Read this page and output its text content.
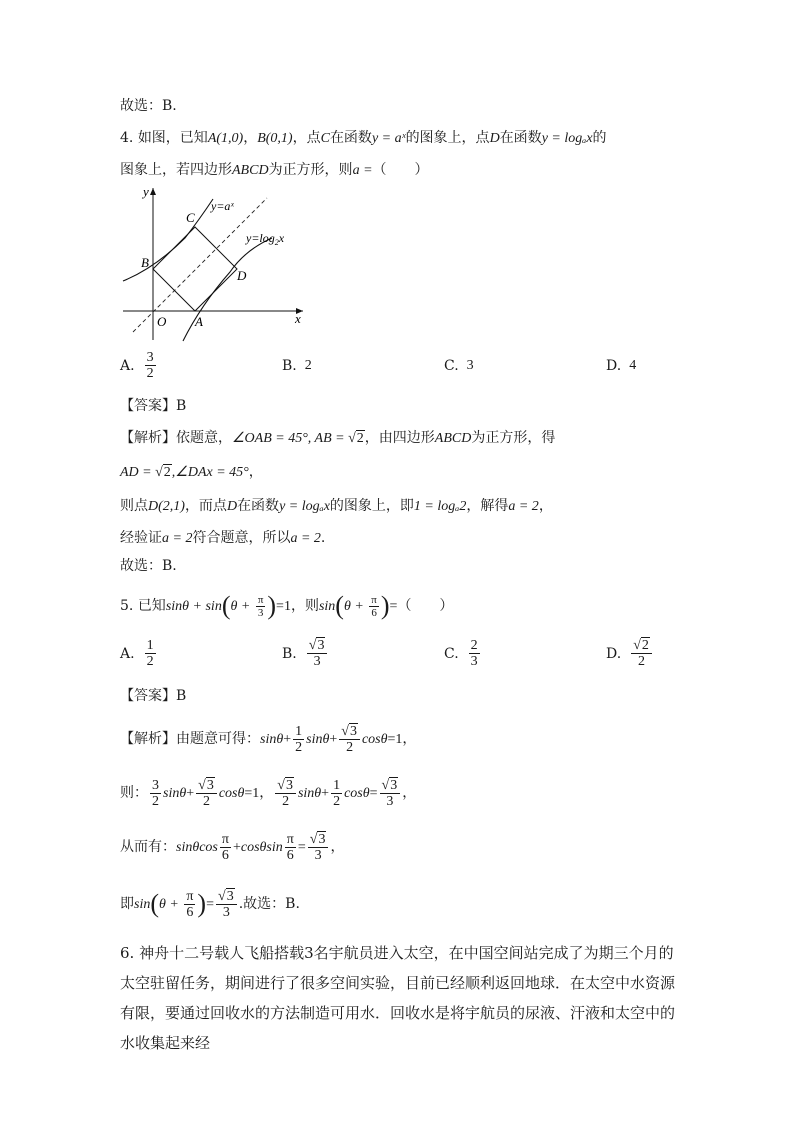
故选：B.
4. 如图，已知A(1,0)，B(0,1)，点C在函数y = aˣ的图象上，点D在函数y = logₐx的
图象上，若四边形ABCD为正方形，则a =（　　）
x
y
O A
B
C
D
y=aˣ
$y=\log_2x$
A. $\frac{3}{2}$	B. 2	C. 3	D. 4
【答案】B
【解析】依题意，∠OAB = 45°, AB = √2，由四边形ABCD为正方形，得
AD = √2,∠DAx = 45°，
则点D(2,1)，而点D在函数y = logₐx的图象上，即1 = logₐ2，解得a = 2，
经验证a = 2符合题意，所以a = 2.
故选：B.
5. 已知$\sin\theta + \sin(\theta + \frac{\pi}{3} )=1$，则$\sin(\theta + \frac{\pi}{6}$ )=（　　）
A. $\frac{1}{2}$	B. $\frac{√3}{3}$	C. $\frac{2}{3}$	D. $\frac{√2}{2}$
【答案】B
【解析】由题意可得：$\sin\theta+ \frac{1}{2} \sin\theta+ \frac{√3}{2} \cos\theta=1$，
则： $\frac{3}{2} \sin\theta+ \frac{√3}{2} \cos\theta=1$， $\frac{√3}{2} \sin\theta+ \frac{1}{2} \cos\theta= \frac{√3}{3}$ ，
从而有：sinθcos $\frac{\pi}{6} +\cos\theta\sin \frac{\pi}{6} = \frac{√3}{3}$ ，
即$\sin(\theta + \frac{\pi}{6}$ )= $\frac{√3}{3}$ .故选：B.
6. 神舟十二号载人飞船搭载3名宇航员进入太空，在中国空间站完成了为期三个月的太空驻留任务，期间进行了很多空间实验，目前已经顺利返回地球．在太空中水资源有限，要通过回收水的方法制造可用水．回收水是将宇航员的尿液、汗液和太空中的水收集起来经
